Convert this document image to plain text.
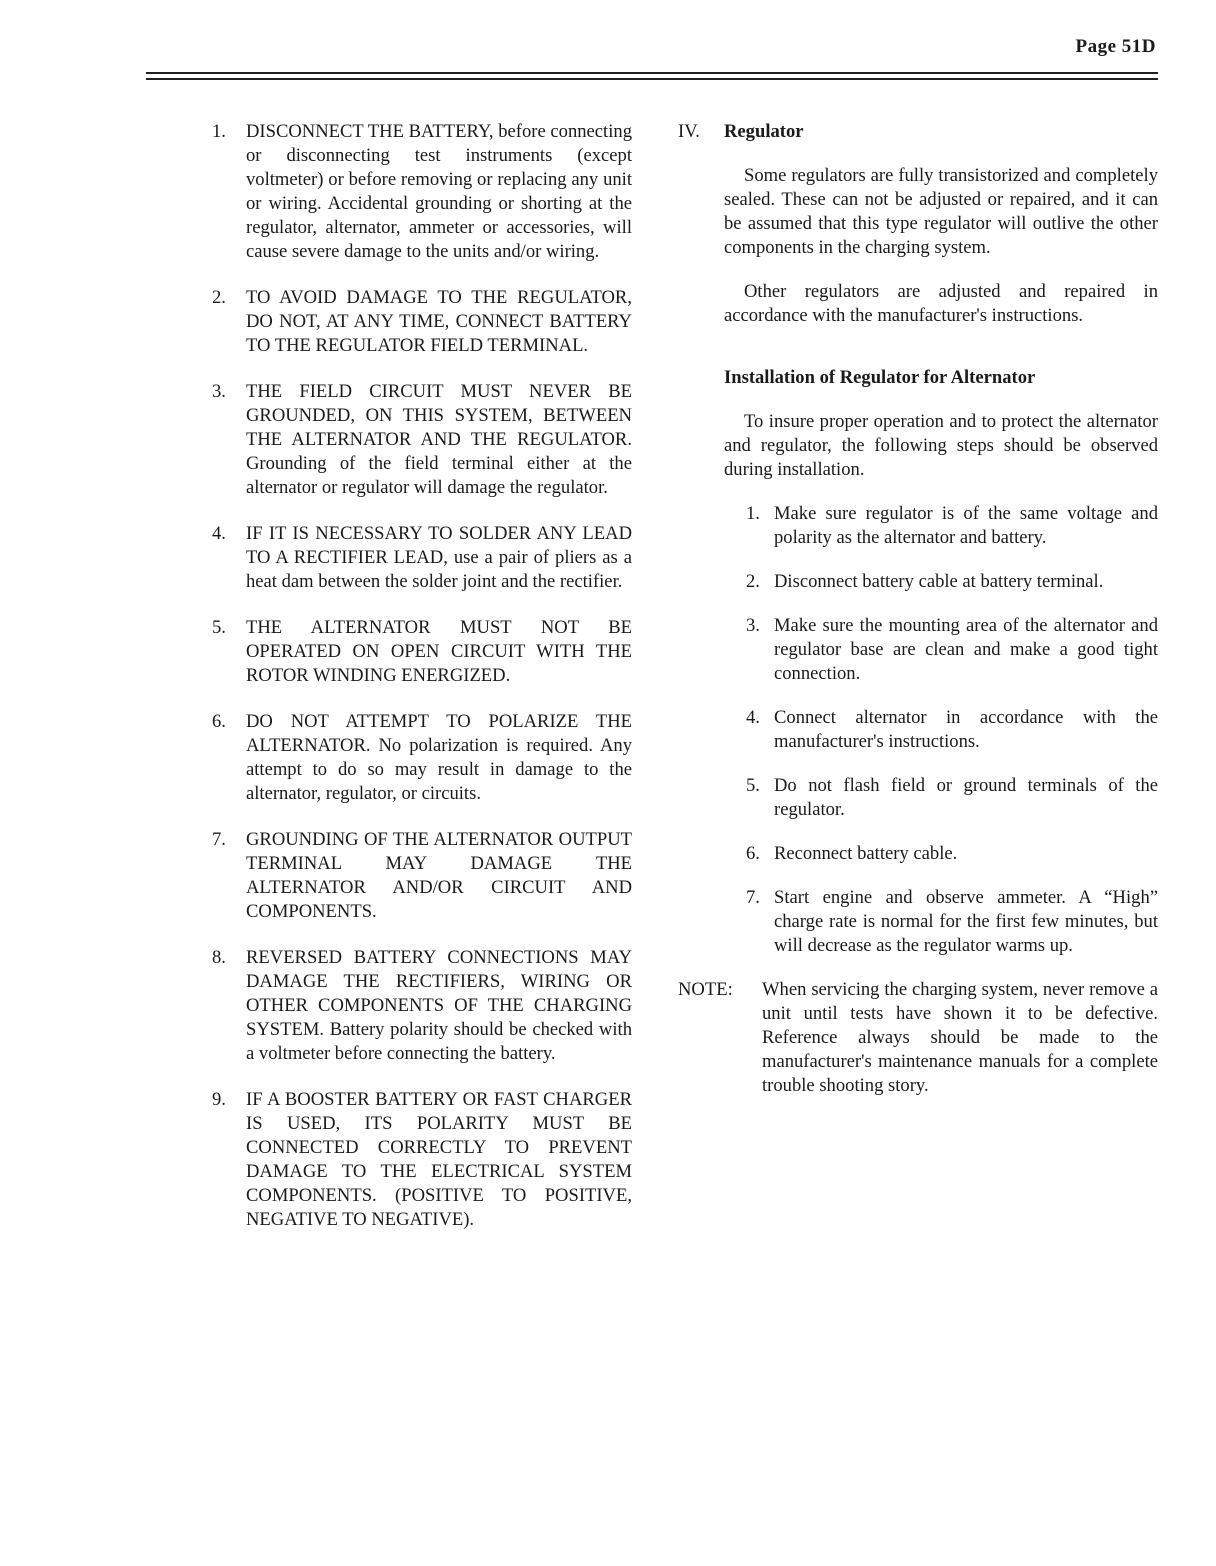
Page 51D
1.	DISCONNECT THE BATTERY, before connecting or disconnecting test instruments (except voltmeter) or before removing or replacing any unit or wiring. Accidental grounding or shorting at the regulator, alternator, ammeter or accessories, will cause severe damage to the units and/or wiring.
2.	TO AVOID DAMAGE TO THE REGULATOR, DO NOT, AT ANY TIME, CONNECT BATTERY TO THE REGULATOR FIELD TERMINAL.
3.	THE FIELD CIRCUIT MUST NEVER BE GROUNDED, ON THIS SYSTEM, BETWEEN THE ALTERNATOR AND THE REGULATOR. Grounding of the field terminal either at the alternator or regulator will damage the regulator.
4.	IF IT IS NECESSARY TO SOLDER ANY LEAD TO A RECTIFIER LEAD, use a pair of pliers as a heat dam between the solder joint and the rectifier.
5.	THE ALTERNATOR MUST NOT BE OPERATED ON OPEN CIRCUIT WITH THE ROTOR WINDING ENERGIZED.
6.	DO NOT ATTEMPT TO POLARIZE THE ALTERNATOR. No polarization is required. Any attempt to do so may result in damage to the alternator, regulator, or circuits.
7.	GROUNDING OF THE ALTERNATOR OUTPUT TERMINAL MAY DAMAGE THE ALTERNATOR AND/OR CIRCUIT AND COMPONENTS.
8.	REVERSED BATTERY CONNECTIONS MAY DAMAGE THE RECTIFIERS, WIRING OR OTHER COMPONENTS OF THE CHARGING SYSTEM. Battery polarity should be checked with a voltmeter before connecting the battery.
9.	IF A BOOSTER BATTERY OR FAST CHARGER IS USED, ITS POLARITY MUST BE CONNECTED CORRECTLY TO PREVENT DAMAGE TO THE ELECTRICAL SYSTEM COMPONENTS. (POSITIVE TO POSITIVE, NEGATIVE TO NEGATIVE).
IV.	Regulator
Some regulators are fully transistorized and completely sealed. These can not be adjusted or repaired, and it can be assumed that this type regulator will outlive the other components in the charging system.
Other regulators are adjusted and repaired in accordance with the manufacturer's instructions.
Installation of Regulator for Alternator
To insure proper operation and to protect the alternator and regulator, the following steps should be observed during installation.
1. Make sure regulator is of the same voltage and polarity as the alternator and battery.
2. Disconnect battery cable at battery terminal.
3. Make sure the mounting area of the alternator and regulator base are clean and make a good tight connection.
4. Connect alternator in accordance with the manufacturer's instructions.
5. Do not flash field or ground terminals of the regulator.
6. Reconnect battery cable.
7. Start engine and observe ammeter. A “High” charge rate is normal for the first few minutes, but will decrease as the regulator warms up.
NOTE:	When servicing the charging system, never remove a unit until tests have shown it to be defective. Reference always should be made to the manufacturer's maintenance manuals for a complete trouble shooting story.
